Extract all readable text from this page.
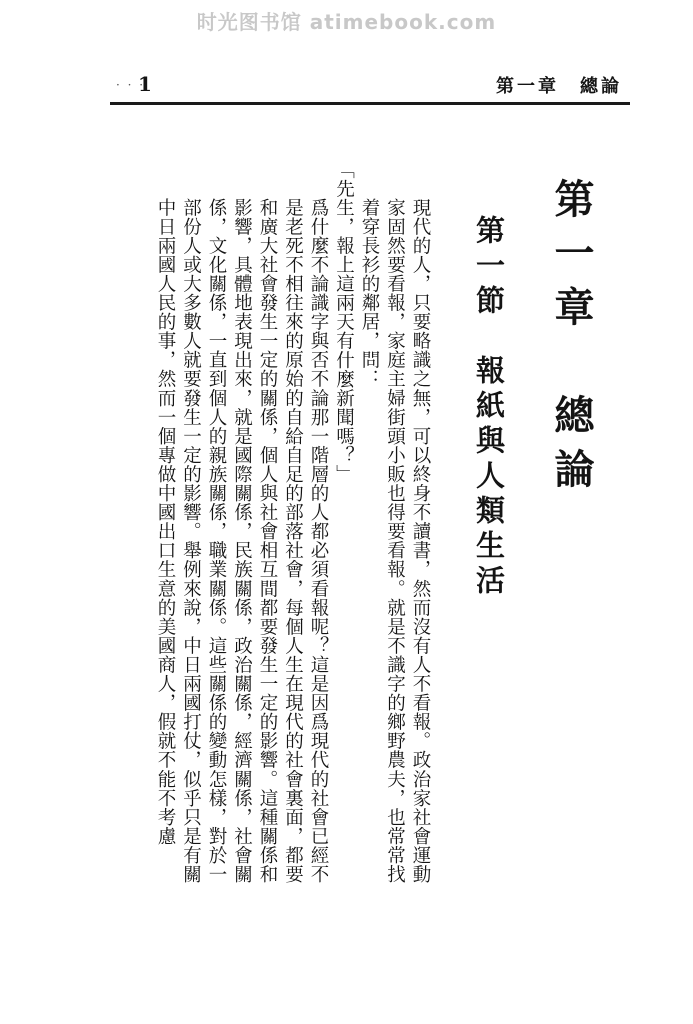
时光图书馆 atimebook.com
· · ·
1	第一章　總論
第一章　總論
第一節　報紙與人類生活

現代的人，只要略識之無，可以終身不讀書，然而沒有人不看報。政治家社會運動家固然要看報，家庭主婦街頭小販也得要看報。就是不識字的鄉野農夫，也常常找着穿長衫的鄰居，問：

「先生，報上這兩天有什麼新聞嗎？」

爲什麼不論識字與否不論那一階層的人都必須看報呢？這是因爲現代的社會已經不是老死不相往來的原始的自給自足的部落社會，每個人生在現代的社會裏面，都要和廣大社會發生一定的關係，個人與社會相互間都要發生一定的影響。這種關係和影響，具體地表現出來，就是國際關係，民族關係，政治關係，經濟關係，社會關係，文化關係，一直到個人的親族關係，職業關係。這些關係的變動怎樣，對於一部份人或大多數人就要發生一定的影響。舉例來說，中日兩國打仗，似乎只是有關中日兩國人民的事，然而一個專做中國出口生意的美國商人，假就不能不考慮
